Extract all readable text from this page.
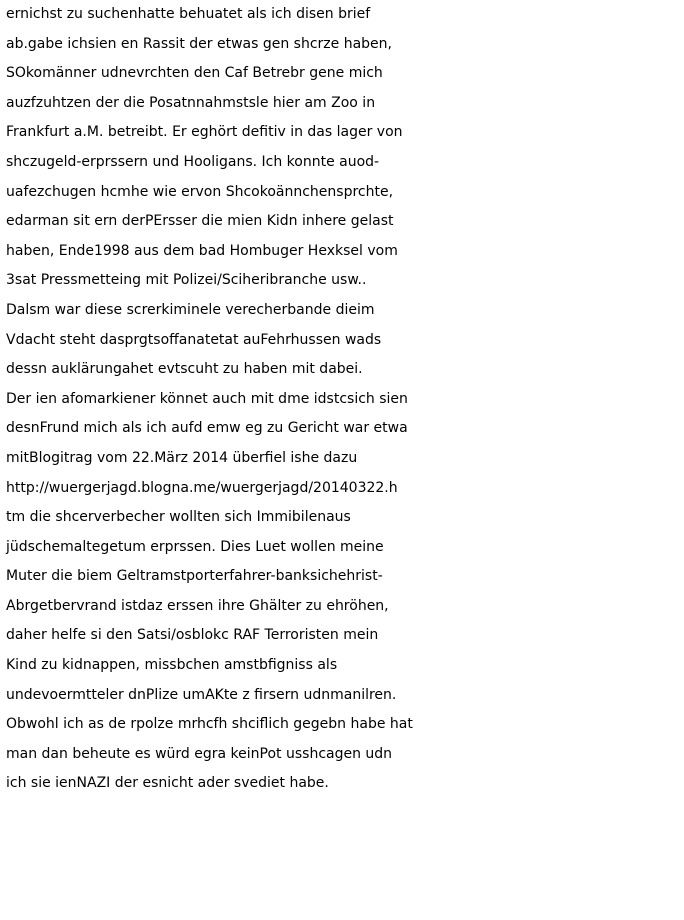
ernichst zu suchenhatte behuatet als ich disen brief
ab.gabe ichsien en Rassit der etwas gen shcrze haben,
SOkomänner udnevrchten den Caf Betrebr gene mich
auzfzuhtzen der die Posatnnahmstsle hier am Zoo in
Frankfurt a.M. betreibt. Er eghört defitiv in das lager von
shczugeld-erprssern und Hooligans. Ich konnte auod-
uafezchugen hcmhe wie ervon Shcokoännchensprchte,
edarman sit ern derPErsser die mien Kidn inhere gelast
haben, Ende1998 aus dem bad Hombuger Hexksel vom
3sat Pressmetteing mit Polizei/Sciheribranche usw..
Dalsm war diese screrkiminele verecherbande dieim
Vdacht steht dasprgtsoffanatetat auFehrhussen wads
dessn auklärungahet evtscuht zu haben mit dabei.
Der ien afomarkiener könnet auch mit dme idstcsich sien
desnFrund mich als ich aufd emw eg zu Gericht war etwa
mitBlogitrag vom 22.März 2014 überfiel ishe dazu
http://wuergerjagd.blogna.me/wuergerjagd/20140322.h
tm die shcerverbecher wollten sich Immibilenaus
jüdschemaltegetum erprssen. Dies Luet wollen meine
Muter die biem Geltramstporterfahrer-banksichehrist-
Abrgetbervrand istdaz erssen ihre Ghälter zu ehröhen,
daher helfe si den Satsi/osblokc RAF Terroristen mein
Kind zu kidnappen, missbchen amstbfigniss als
undevoermtteler dnPlize umAKte z firsern udnmanilren.
Obwohl ich as de rpolze mrhcfh shciflich gegebn habe hat
man dan beheute es würd egra keinPot usshcagen udn
ich sie ienNAZI der esnicht ader svediet habe.
